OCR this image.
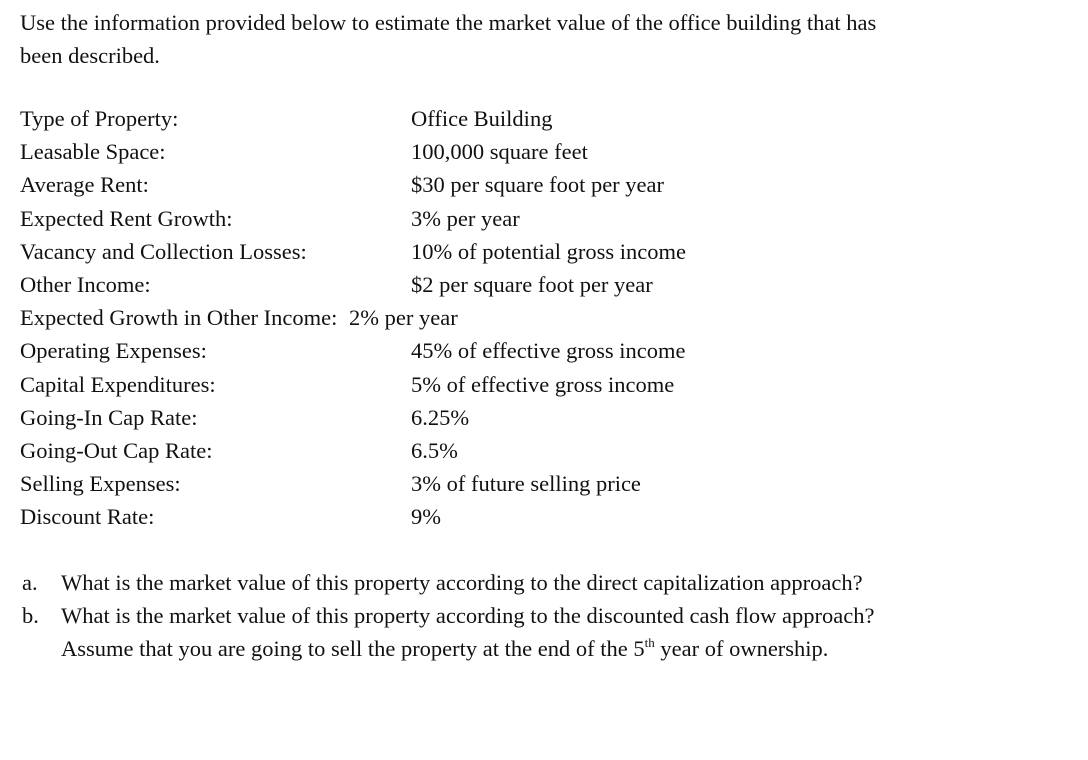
Use the information provided below to estimate the market value of the office building that has

been described.

Type of Property:	Office Building
Leasable Space:	100,000 square feet
Average Rent:	$30 per square foot per year
Expected Rent Growth:	3% per year
Vacancy and Collection Losses:	10% of potential gross income
Other Income:	$2 per square foot per year
Expected Growth in Other Income: 2% per year
Operating Expenses:	45% of effective gross income
Capital Expenditures:	5% of effective gross income
Going-In Cap Rate:	6.25%
Going-Out Cap Rate:	6.5%
Selling Expenses:	3% of future selling price
Discount Rate:	9%
a. What is the market value of this property according to the direct capitalization approach?
b. What is the market value of this property according to the discounted cash flow approach?
Assume that you are going to sell the property at the end of the 5th year of ownership.
